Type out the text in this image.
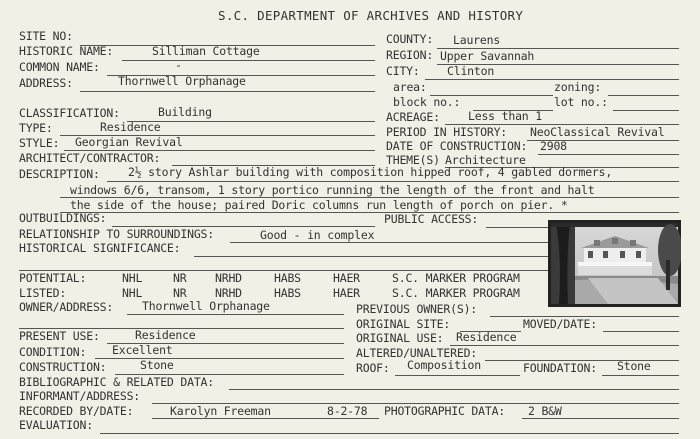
S.C. DEPARTMENT OF ARCHIVES AND HISTORY
SITE NO:
HISTORIC NAME:	Silliman Cottage
COMMON NAME:	-
ADDRESS:	Thornwell Orphanage
COUNTY: Laurens
REGION: Upper Savannah
CITY: Clinton
area:	zoning:
block no.:	lot no.:
CLASSIFICATION:	Building
TYPE:	Residence
STYLE: Georgian Revival
ARCHITECT/CONTRACTOR:
ACREAGE: Less than 1
PERIOD IN HISTORY: NeoClassical Revival
DATE OF CONSTRUCTION: 2908
THEME(S) Architecture
DESCRIPTION: 2½ story Ashlar building with composition hipped roof, 4 gabled dormers,
windows 6/6, transom, 1 story portico running the length of the front and halt
the side of the house; paired Doric columns run length of porch on pier. *
OUTBUILDINGS:	PUBLIC ACCESS:
RELATIONSHIP TO SURROUNDINGS:	Good - in complex
HISTORICAL SIGNIFICANCE:
POTENTIAL:	NHL	NR NRHD	HABS	HAER	S.C. MARKER PROGRAM
LISTED:	NHL	NR NRHD	HABS	HAER	S.C. MARKER PROGRAM
OWNER/ADDRESS:	Thornwell Orphanage	PREVIOUS OWNER(S):
ORIGINAL SITE:	MOVED/DATE:
PRESENT USE:	Residence	ORIGINAL USE: Residence
CONDITION: Excellent	ALTERED/UNALTERED:
CONSTRUCTION:	Stone	ROOF: Composition	FOUNDATION: Stone
BIBLIOGRAPHIC & RELATED DATA:
INFORMANT/ADDRESS:
RECORDED BY/DATE:	Karolyn Freeman	8-2-78 PHOTOGRAPHIC DATA: 2 B&W
EVALUATION:
